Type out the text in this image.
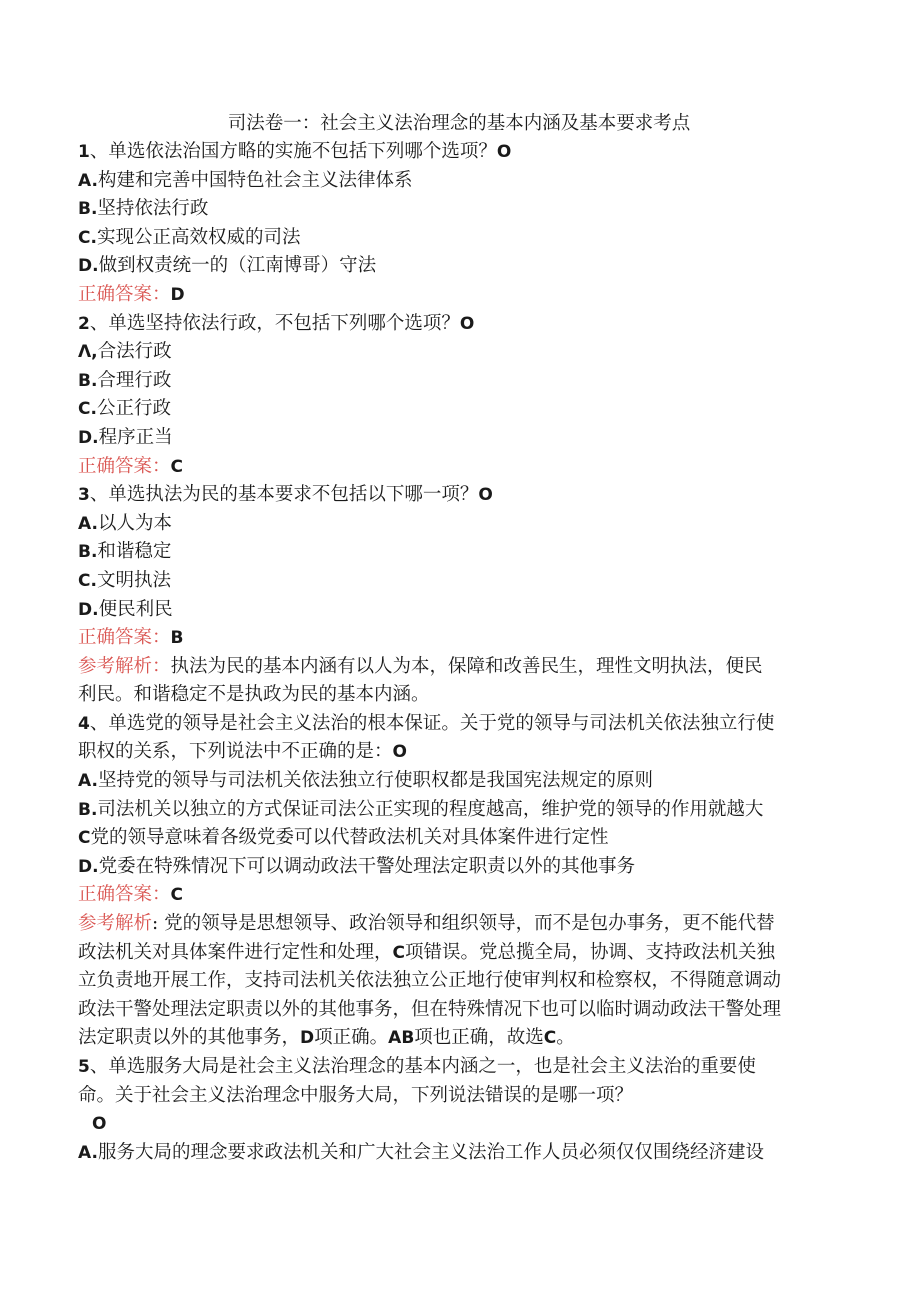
司法卷一：社会主义法治理念的基本内涵及基本要求考点

1、单选依法治国方略的实施不包括下列哪个选项？O

A.构建和完善中国特色社会主义法律体系

B.坚持依法行政

C.实现公正高效权威的司法

D.做到权责统一的（江南博哥）守法

正确答案：D

2、单选坚持依法行政，不包括下列哪个选项？O

Λ,合法行政

B.合理行政

C.公正行政

D.程序正当

正确答案：C

3、单选执法为民的基本要求不包括以下哪一项？O

A.以人为本

B.和谐稳定

C.文明执法

D.便民利民

正确答案：B

参考解析：执法为民的基本内涵有以人为本，保障和改善民生，理性文明执法，便民

利民。和谐稳定不是执政为民的基本内涵。

4、单选党的领导是社会主义法治的根本保证。关于党的领导与司法机关依法独立行使

职权的关系，下列说法中不正确的是：O

A.坚持党的领导与司法机关依法独立行使职权都是我国宪法规定的原则

B.司法机关以独立的方式保证司法公正实现的程度越高，维护党的领导的作用就越大

C党的领导意味着各级党委可以代替政法机关对具体案件进行定性

D.党委在特殊情况下可以调动政法干警处理法定职责以外的其他事务

正确答案：C

参考解析: 党的领导是思想领导、政治领导和组织领导，而不是包办事务，更不能代替

政法机关对具体案件进行定性和处理，C项错误。党总揽全局，协调、支持政法机关独

立负责地开展工作，支持司法机关依法独立公正地行使审判权和检察权，不得随意调动

政法干警处理法定职责以外的其他事务，但在特殊情况下也可以临时调动政法干警处理

法定职责以外的其他事务，D项正确。AB项也正确，故选C。

5、单选服务大局是社会主义法治理念的基本内涵之一，也是社会主义法治的重要使

命。关于社会主义法治理念中服务大局，下列说法错误的是哪一项？

O

A.服务大局的理念要求政法机关和广大社会主义法治工作人员必须仅仅围绕经济建设
